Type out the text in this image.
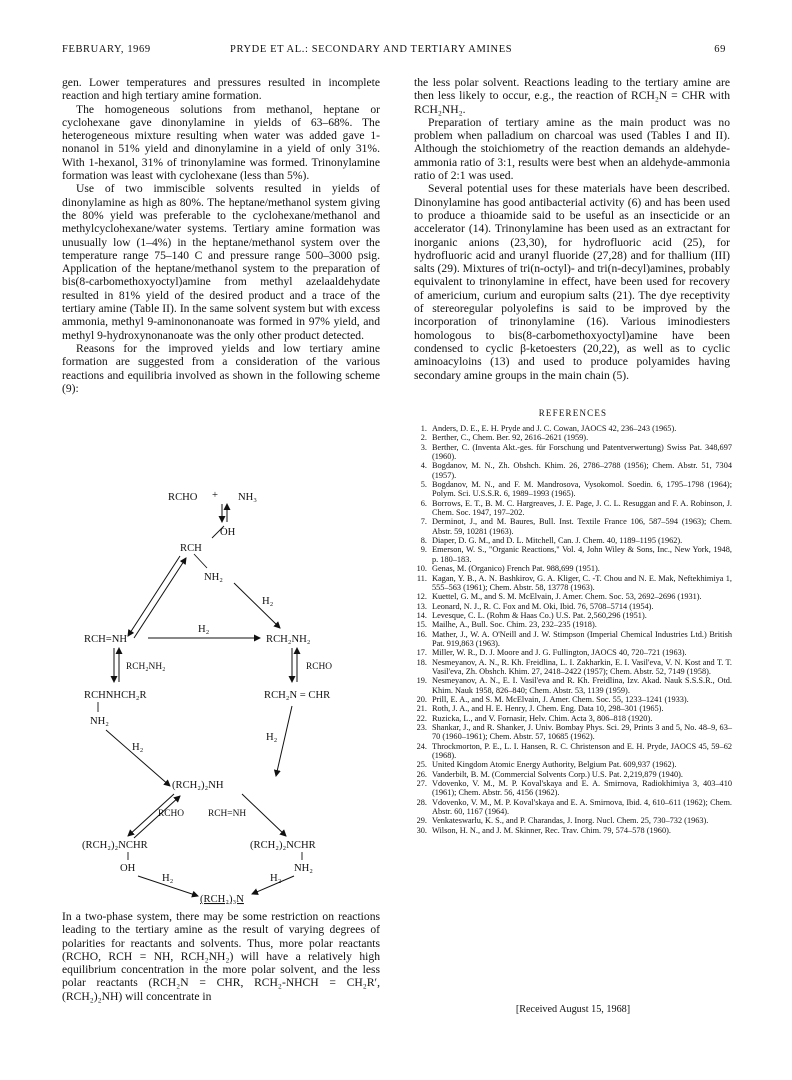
FEBRUARY, 1969	PRYDE ET AL.: SECONDARY AND TERTIARY AMINES	69

gen. Lower temperatures and pressures resulted in incomplete reaction and high tertiary amine formation.

The homogeneous solutions from methanol, heptane or cyclohexane gave dinonylamine in yields of 63–68%. The heterogeneous mixture resulting when water was added gave 1-nonanol in 51% yield and dinonylamine in a yield of only 31%. With 1-hexanol, 31% of trinonylamine was formed. Trinonylamine formation was least with cyclohexane (less than 5%).

Use of two immiscible solvents resulted in yields of dinonylamine as high as 80%. The heptane/methanol system giving the 80% yield was preferable to the cyclohexane/methanol and methylcyclohexane/water systems. Tertiary amine formation was unusually low (1–4%) in the heptane/methanol system over the temperature range 75–140 C and pressure range 500–3000 psig. Application of the heptane/methanol system to the preparation of bis(8-carbomethoxyoctyl)amine from methyl azelaaldehydate resulted in 81% yield of the desired product and a trace of the tertiary amine (Table II). In the same solvent system but with excess ammonia, methyl 9-aminononanoate was formed in 97% yield, and methyl 9-hydroxynonanoate was the only other product detected.

Reasons for the improved yields and low tertiary amine formation are suggested from a consideration of the various reactions and equilibria involved as shown in the following scheme (9):

RCHO + NH₃
OH
RCH
NH₂
H₂
RCH=NH
H₂
RCH₂NH₂
RCH₂NH₂	RCHO
RCHNHCH₂R
NH₂
RCH₂N = CHR
H₂
H₂
(RCH₂)₂NH
RCHO	RCH=NH
(RCH₂)₂NCHR
OH
(RCH₂)₂NCHR
NH₂
H₂	H₂
(RCH₂)₃N

In a two-phase system, there may be some restriction on reactions leading to the tertiary amine as the result of varying degrees of polarities for reactants and solvents. Thus, more polar reactants (RCHO, RCH = NH, RCH₂NH₂) will have a relatively high equilibrium concentration in the more polar solvent, and the less polar reactants (RCH₂N = CHR, RCH₂-NHCH = CH₂R′, (RCH₂)₂NH) will concentrate in

the less polar solvent. Reactions leading to the tertiary amine are then less likely to occur, e.g., the reaction of RCH₂N = CHR with RCH₂NH₂.

Preparation of tertiary amine as the main product was no problem when palladium on charcoal was used (Tables I and II). Although the stoichiometry of the reaction demands an aldehyde-ammonia ratio of 3:1, results were best when an aldehyde-ammonia ratio of 2:1 was used.

Several potential uses for these materials have been described. Dinonylamine has good antibacterial activity (6) and has been used to produce a thioamide said to be useful as an insecticide or an accelerator (14). Trinonylamine has been used as an extractant for inorganic anions (23,30), for hydrofluoric acid (25), for hydrofluoric acid and uranyl fluoride (27,28) and for thallium (III) salts (29). Mixtures of tri(n-octyl)- and tri(n-decyl)amines, probably equivalent to trinonylamine in effect, have been used for recovery of americium, curium and europium salts (21). The dye receptivity of stereoregular polyolefins is said to be improved by the incorporation of trinonylamine (16). Various iminodiesters homologous to bis(8-carbomethoxyoctyl)amine have been condensed to cyclic β-ketoesters (20,22), as well as to cyclic aminoacyloins (13) and used to produce polyamides having secondary amine groups in the main chain (5).

REFERENCES
1. Anders, D. E., E. H. Pryde and J. C. Cowan, JAOCS 42, 236–243 (1965).
2. Berther, C., Chem. Ber. 92, 2616–2621 (1959).
3. Berther, C. (Inventa Akt.-ges. für Forschung und Patentverwertung) Swiss Pat. 348,697 (1960).
4. Bogdanov, M. N., Zh. Obshch. Khim. 26, 2786–2788 (1956); Chem. Abstr. 51, 7304 (1957).
5. Bogdanov, M. N., and F. M. Mandrosova, Vysokomol. Soedin. 6, 1795–1798 (1964); Polym. Sci. U.S.S.R. 6, 1989–1993 (1965).
6. Borrows, E. T., B. M. C. Hargreaves, J. E. Page, J. C. L. Resuggan and F. A. Robinson, J. Chem. Soc. 1947, 197–202.
7. Derminot, J., and M. Baures, Bull. Inst. Textile France 106, 587–594 (1963); Chem. Abstr. 59, 10281 (1963).
8. Diaper, D. G. M., and D. L. Mitchell, Can. J. Chem. 40, 1189–1195 (1962).
9. Emerson, W. S., "Organic Reactions," Vol. 4, John Wiley & Sons, Inc., New York, 1948, p. 180–183.
10. Genas, M. (Organico) French Pat. 988,699 (1951).
11. Kagan, Y. B., A. N. Bashkirov, G. A. Kliger, C. -T. Chou and N. E. Mak, Neftekhimiya 1, 555–563 (1961); Chem. Abstr. 58, 13778 (1963).
12. Kuettel, G. M., and S. M. McElvain, J. Amer. Chem. Soc. 53, 2692–2696 (1931).
13. Leonard, N. J., R. C. Fox and M. Oki, Ibid. 76, 5708–5714 (1954).
14. Levesque, C. L. (Rohm & Haas Co.) U.S. Pat. 2,560,296 (1951).
15. Mailhe, A., Bull. Soc. Chim. 23, 232–235 (1918).
16. Mather, J., W. A. O'Neill and J. W. Stimpson (Imperial Chemical Industries Ltd.) British Pat. 919,863 (1963).
17. Miller, W. R., D. J. Moore and J. G. Fullington, JAOCS 40, 720–721 (1963).
18. Nesmeyanov, A. N., R. Kh. Freidlina, L. I. Zakharkin, E. I. Vasil'eva, V. N. Kost and T. T. Vasil'eva, Zh. Obshch. Khim. 27, 2418–2422 (1957); Chem. Abstr. 52, 7149 (1958).
19. Nesmeyanov, A. N., E. I. Vasil'eva and R. Kh. Freidlina, Izv. Akad. Nauk S.S.S.R., Otd. Khim. Nauk 1958, 826–840; Chem. Abstr. 53, 1139 (1959).
20. Prill, E. A., and S. M. McElvain, J. Amer. Chem. Soc. 55, 1233–1241 (1933).
21. Roth, J. A., and H. E. Henry, J. Chem. Eng. Data 10, 298–301 (1965).
22. Ruzicka, L., and V. Fornasir, Helv. Chim. Acta 3, 806–818 (1920).
23. Shankar, J., and R. Shanker, J. Univ. Bombay Phys. Sci. 29, Prints 3 and 5, No. 48–9, 63–70 (1960–1961); Chem. Abstr. 57, 10685 (1962).
24. Throckmorton, P. E., L. I. Hansen, R. C. Christenson and E. H. Pryde, JAOCS 45, 59–62 (1968).
25. United Kingdom Atomic Energy Authority, Belgium Pat. 609,937 (1962).
26. Vanderbilt, B. M. (Commercial Solvents Corp.) U.S. Pat. 2,219,879 (1940).
27. Vdovenko, V. M., M. P. Koval'skaya and E. A. Smirnova, Radiokhimiya 3, 403–410 (1961); Chem. Abstr. 56, 4156 (1962).
28. Vdovenko, V. M., M. P. Koval'skaya and E. A. Smirnova, Ibid. 4, 610–611 (1962); Chem. Abstr. 60, 1167 (1964).
29. Venkateswarlu, K. S., and P. Charandas, J. Inorg. Nucl. Chem. 25, 730–732 (1963).
30. Wilson, H. N., and J. M. Skinner, Rec. Trav. Chim. 79, 574–578 (1960).
[Received August 15, 1968]
